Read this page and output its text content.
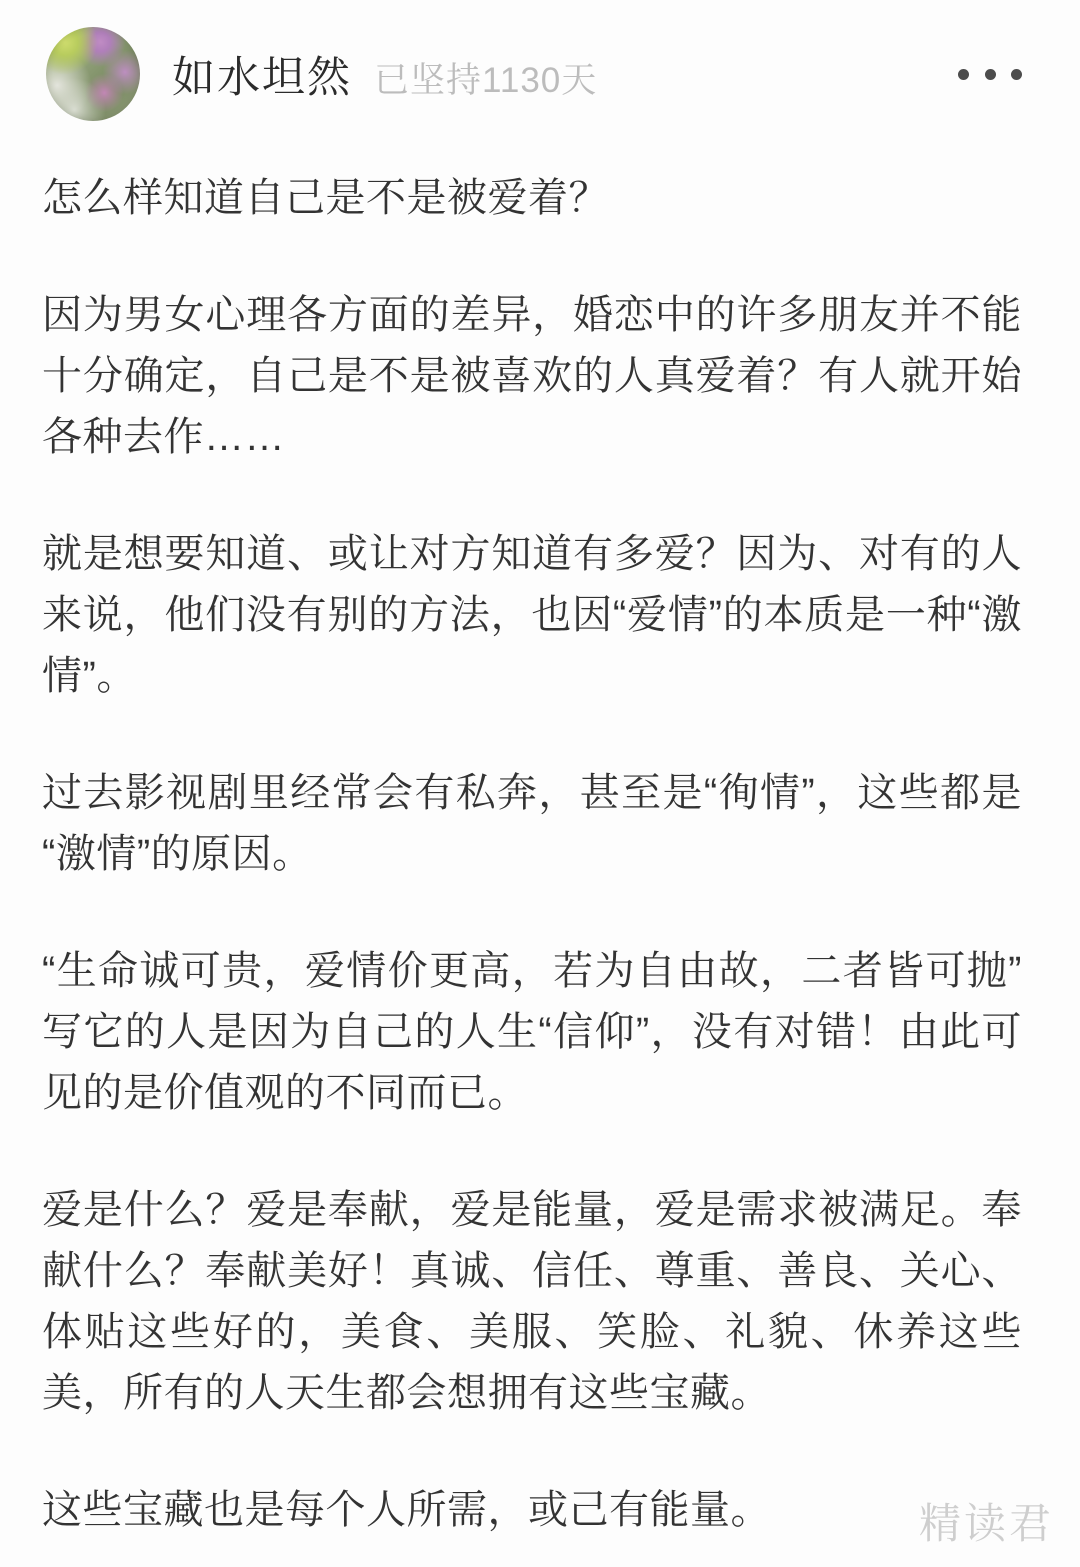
如水坦然 已坚持1130天

怎么样知道自己是不是被爱着？

因为男女心理各方面的差异，婚恋中的许多朋友并不能十分确定，自己是不是被喜欢的人真爱着？有人就开始各种去作……

就是想要知道、或让对方知道有多爱？因为、对有的人来说，他们没有别的方法，也因“爱情”的本质是一种“激情”。

过去影视剧里经常会有私奔，甚至是“徇情”，这些都是“激情”的原因。

“生命诚可贵，爱情价更高，若为自由故，二者皆可抛”写它的人是因为自己的人生“信仰”，没有对错！由此可见的是价值观的不同而已。

爱是什么？爱是奉献，爱是能量，爱是需求被满足。奉献什么？奉献美好！真诚、信任、尊重、善良、关心、体贴这些好的，美食、美服、笑脸、礼貌、休养这些美，所有的人天生都会想拥有这些宝藏。

这些宝藏也是每个人所需，或己有能量。	精读君
